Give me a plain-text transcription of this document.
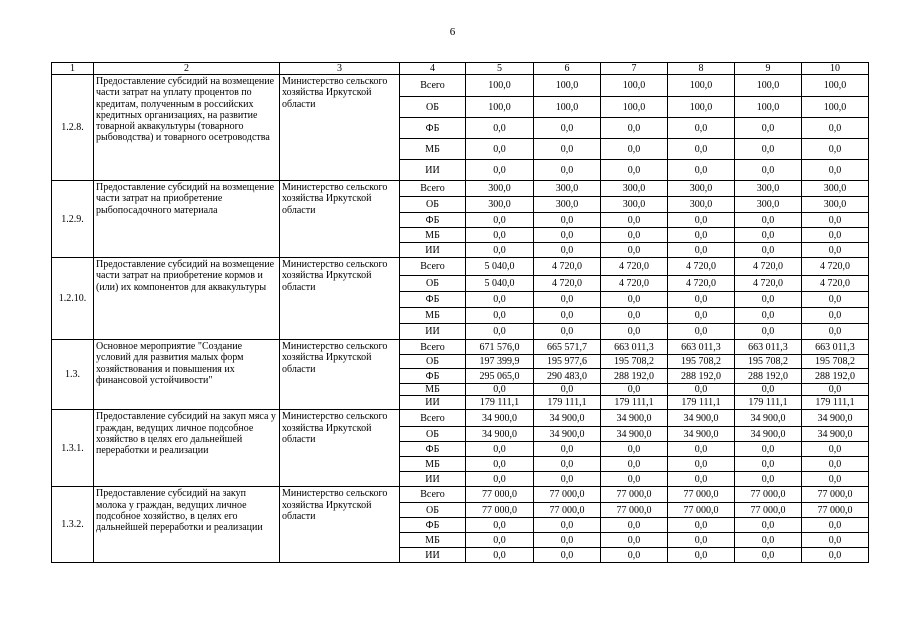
6
1	2	3	4	5	6	7	8	9	10
1.2.8.	Предоставление субсидий на возмещение части затрат на уплату процентов по кредитам, полученным в российских кредитных организациях, на развитие товарной аквакультуры (товарного рыбоводства) и товарного осетроводства	Министерство сельского хозяйства Иркутской области	Всего	100,0	100,0	100,0	100,0	100,0	100,0
			ОБ	100,0	100,0	100,0	100,0	100,0	100,0
			ФБ	0,0	0,0	0,0	0,0	0,0	0,0
			МБ	0,0	0,0	0,0	0,0	0,0	0,0
			ИИ	0,0	0,0	0,0	0,0	0,0	0,0
1.2.9.	Предоставление субсидий на возмещение части затрат на приобретение рыбопосадочного материала	Министерство сельского хозяйства Иркутской области	Всего	300,0	300,0	300,0	300,0	300,0	300,0
			ОБ	300,0	300,0	300,0	300,0	300,0	300,0
			ФБ	0,0	0,0	0,0	0,0	0,0	0,0
			МБ	0,0	0,0	0,0	0,0	0,0	0,0
			ИИ	0,0	0,0	0,0	0,0	0,0	0,0
1.2.10.	Предоставление субсидий на возмещение части затрат на приобретение кормов и (или) их компонентов для аквакультуры	Министерство сельского хозяйства Иркутской области	Всего	5 040,0	4 720,0	4 720,0	4 720,0	4 720,0	4 720,0
			ОБ	5 040,0	4 720,0	4 720,0	4 720,0	4 720,0	4 720,0
			ФБ	0,0	0,0	0,0	0,0	0,0	0,0
			МБ	0,0	0,0	0,0	0,0	0,0	0,0
			ИИ	0,0	0,0	0,0	0,0	0,0	0,0
1.3.	Основное мероприятие "Создание условий для развития малых форм хозяйствования и повышения их финансовой устойчивости"	Министерство сельского хозяйства Иркутской области	Всего	671 576,0	665 571,7	663 011,3	663 011,3	663 011,3	663 011,3
			ОБ	197 399,9	195 977,6	195 708,2	195 708,2	195 708,2	195 708,2
			ФБ	295 065,0	290 483,0	288 192,0	288 192,0	288 192,0	288 192,0
			МБ	0,0	0,0	0,0	0,0	0,0	0,0
			ИИ	179 111,1	179 111,1	179 111,1	179 111,1	179 111,1	179 111,1
1.3.1.	Предоставление субсидий на закуп мяса у граждан, ведущих личное подсобное хозяйство в целях его дальнейшей переработки и реализации	Министерство сельского хозяйства Иркутской области	Всего	34 900,0	34 900,0	34 900,0	34 900,0	34 900,0	34 900,0
			ОБ	34 900,0	34 900,0	34 900,0	34 900,0	34 900,0	34 900,0
			ФБ	0,0	0,0	0,0	0,0	0,0	0,0
			МБ	0,0	0,0	0,0	0,0	0,0	0,0
			ИИ	0,0	0,0	0,0	0,0	0,0	0,0
1.3.2.	Предоставление субсидий на закуп молока у граждан, ведущих личное подсобное хозяйство, в целях его дальнейшей переработки и реализации	Министерство сельского хозяйства Иркутской области	Всего	77 000,0	77 000,0	77 000,0	77 000,0	77 000,0	77 000,0
			ОБ	77 000,0	77 000,0	77 000,0	77 000,0	77 000,0	77 000,0
			ФБ	0,0	0,0	0,0	0,0	0,0	0,0
			МБ	0,0	0,0	0,0	0,0	0,0	0,0
			ИИ	0,0	0,0	0,0	0,0	0,0	0,0
